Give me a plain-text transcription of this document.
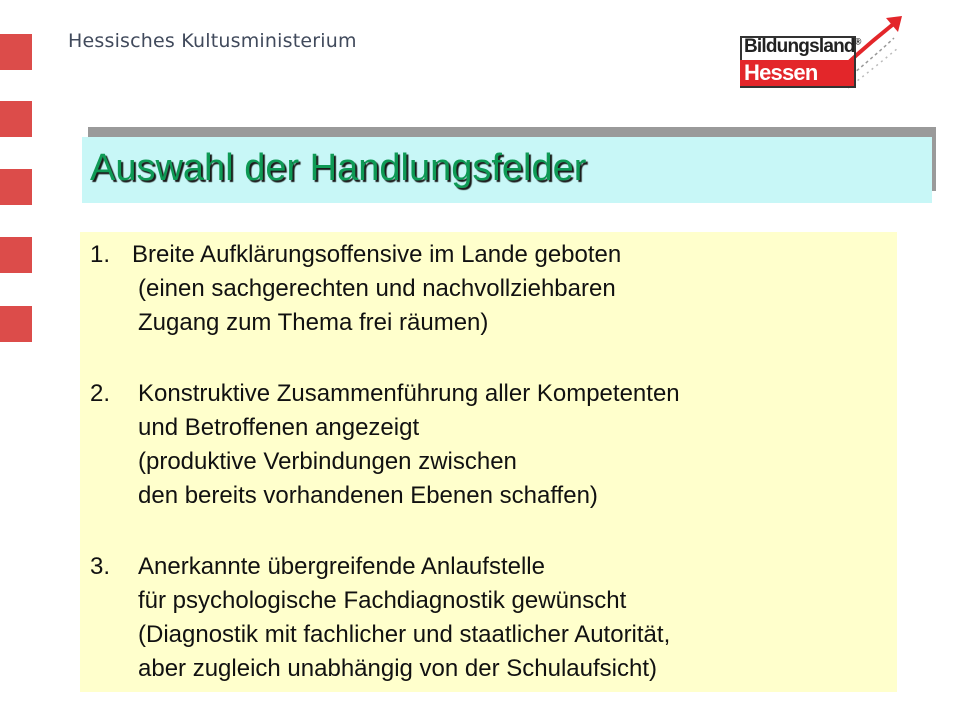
Hessisches Kultusministerium	Bildungsland®
Hessen
Auswahl der Handlungsfelder
1. Breite Aufklärungsoffensive im Lande geboten
(einen sachgerechten und nachvollziehbaren
Zugang zum Thema frei räumen)
2. Konstruktive Zusammenführung aller Kompetenten
und Betroffenen angezeigt
(produktive Verbindungen zwischen
den bereits vorhandenen Ebenen schaffen)
3. Anerkannte übergreifende Anlaufstelle
für psychologische Fachdiagnostik gewünscht
(Diagnostik mit fachlicher und staatlicher Autorität,
aber zugleich unabhängig von der Schulaufsicht)
